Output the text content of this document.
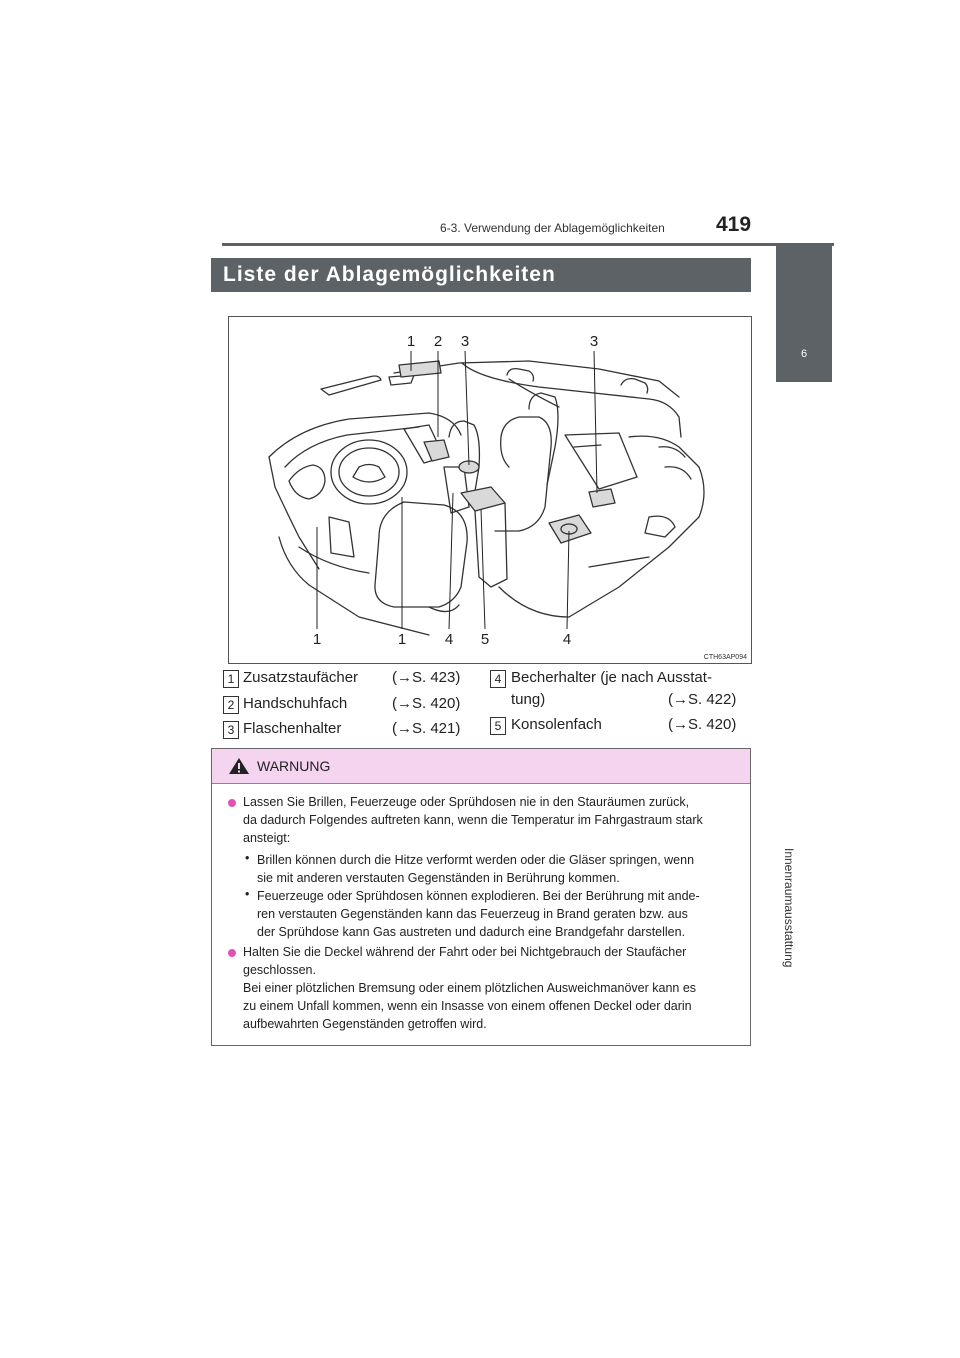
6-3. Verwendung der Ablagemöglichkeiten 419
6
Innenraumausstattung
Liste der Ablagemöglichkeiten
1	2	3	3
1	1	4	5	4
CTH63AP094
1 Zusatzstaufächer (→S. 423)
2 Handschuhfach	(→S. 420)
3 Flaschenhalter	(→S. 421)
4 Becherhalter (je nach Ausstat-
tung)	(→S. 422)
5 Konsolenfach	(→S. 420)
WARNUNG
Lassen Sie Brillen, Feuerzeuge oder Sprühdosen nie in den Stauräumen zurück,
da dadurch Folgendes auftreten kann, wenn die Temperatur im Fahrgastraum stark
ansteigt:
• Brillen können durch die Hitze verformt werden oder die Gläser springen, wenn
sie mit anderen verstauten Gegenständen in Berührung kommen.
• Feuerzeuge oder Sprühdosen können explodieren. Bei der Berührung mit ande-
ren verstauten Gegenständen kann das Feuerzeug in Brand geraten bzw. aus
der Sprühdose kann Gas austreten und dadurch eine Brandgefahr darstellen.
Halten Sie die Deckel während der Fahrt oder bei Nichtgebrauch der Staufächer
geschlossen.
Bei einer plötzlichen Bremsung oder einem plötzlichen Ausweichmanöver kann es
zu einem Unfall kommen, wenn ein Insasse von einem offenen Deckel oder darin
aufbewahrten Gegenständen getroffen wird.
